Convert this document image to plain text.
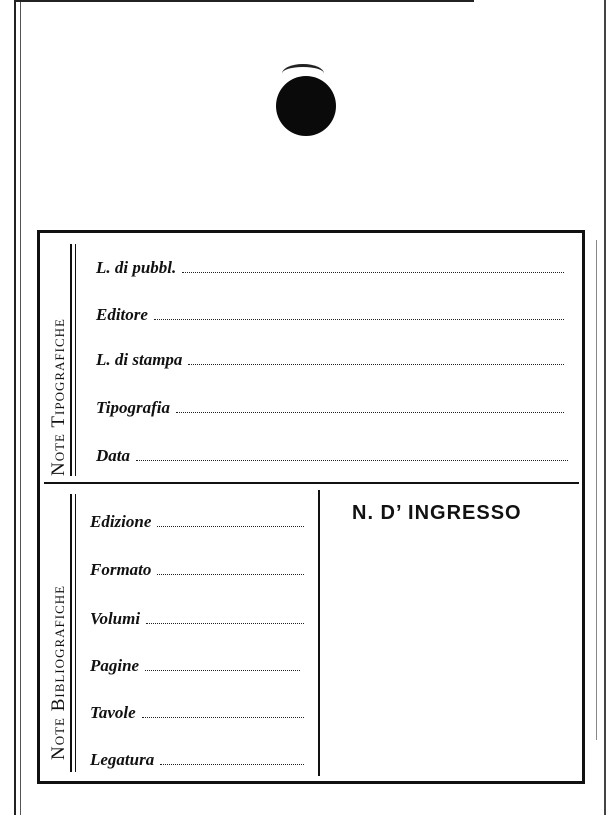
Note Tipografiche
Note Bibliografiche
L. di pubbl.
Editore
L. di stampa
Tipografia
Data
Edizione
Formato
Volumi
Pagine
Tavole
Legatura
N. D’ INGRESSO
